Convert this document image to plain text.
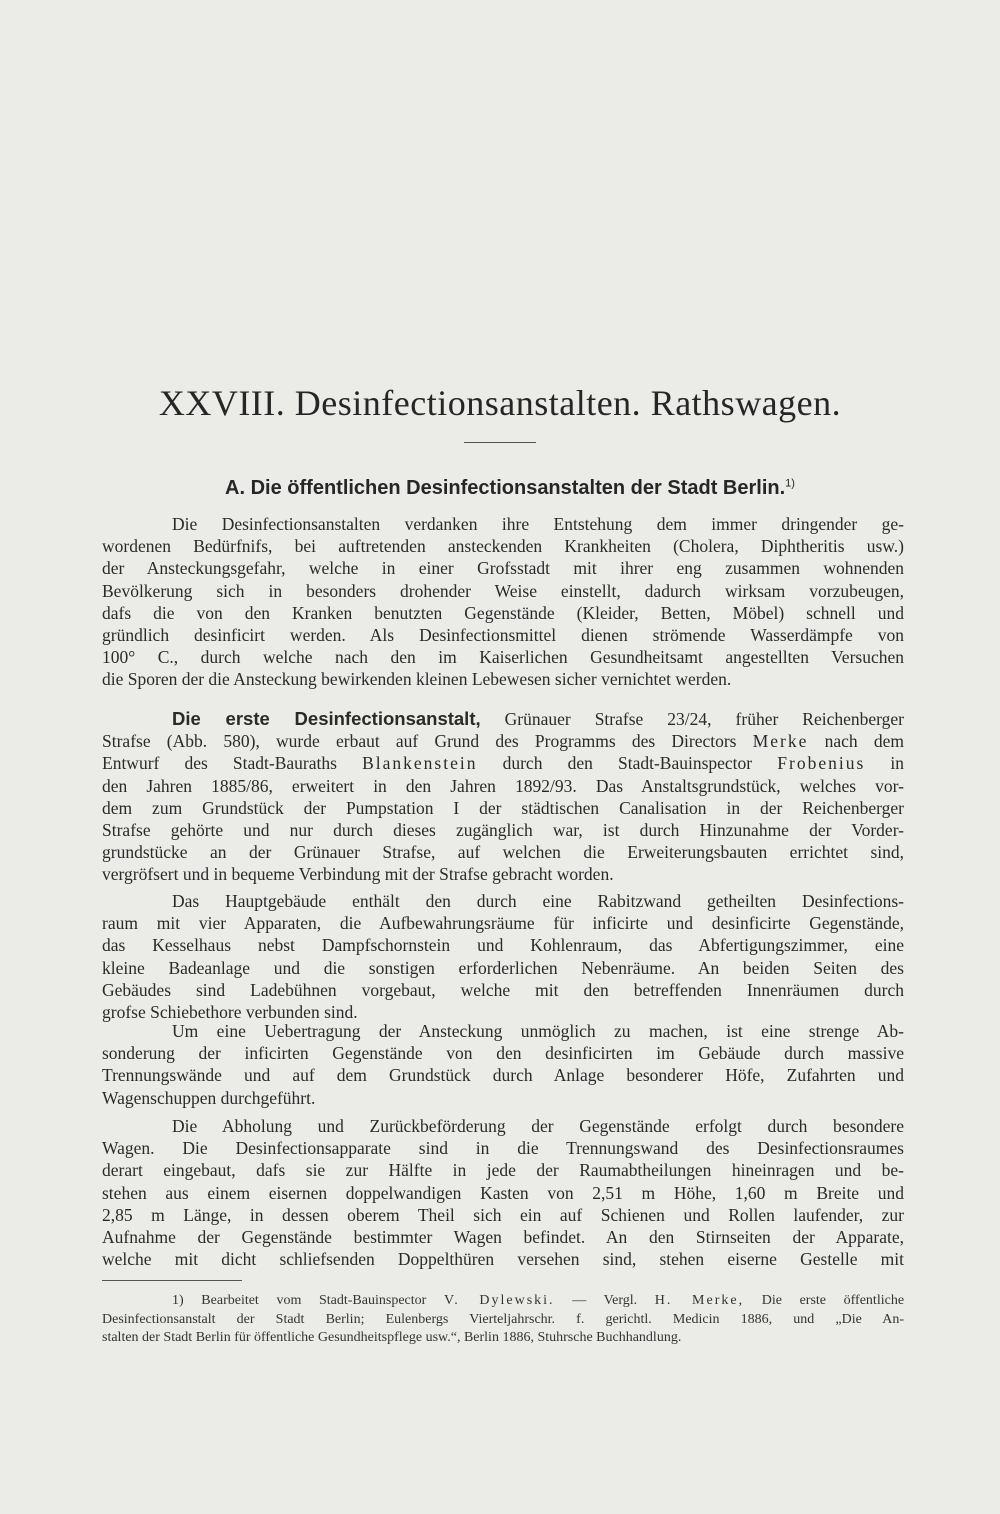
XXVIII. Desinfectionsanstalten. Rathswagen.
A. Die öffentlichen Desinfectionsanstalten der Stadt Berlin.$^{1)}$

Die Desinfectionsanstalten verdanken ihre Entstehung dem immer dringender ge-
wordenen Bedürfnifs, bei auftretenden ansteckenden Krankheiten (Cholera, Diphtheritis usw.)
der Ansteckungsgefahr, welche in einer Grofsstadt mit ihrer eng zusammen wohnenden
Bevölkerung sich in besonders drohender Weise einstellt, dadurch wirksam vorzubeugen,
dafs die von den Kranken benutzten Gegenstände (Kleider, Betten, Möbel) schnell und
gründlich desinficirt werden. Als Desinfectionsmittel dienen strömende Wasserdämpfe von
100° C., durch welche nach den im Kaiserlichen Gesundheitsamt angestellten Versuchen
die Sporen der die Ansteckung bewirkenden kleinen Lebewesen sicher vernichtet werden.

Die erste Desinfectionsanstalt, Grünauer Strafse 23/24, früher Reichenberger
Strafse (Abb. 580), wurde erbaut auf Grund des Programms des Directors Merke nach dem
Entwurf des Stadt-Bauraths Blankenstein durch den Stadt-Bauinspector Frobenius in
den Jahren 1885/86, erweitert in den Jahren 1892/93. Das Anstaltsgrundstück, welches vor-
dem zum Grundstück der Pumpstation I der städtischen Canalisation in der Reichenberger
Strafse gehörte und nur durch dieses zugänglich war, ist durch Hinzunahme der Vorder-
grundstücke an der Grünauer Strafse, auf welchen die Erweiterungsbauten errichtet sind,
vergröfsert und in bequeme Verbindung mit der Strafse gebracht worden.

Das Hauptgebäude enthält den durch eine Rabitzwand getheilten Desinfections-
raum mit vier Apparaten, die Aufbewahrungsräume für inficirte und desinficirte Gegenstände,
das Kesselhaus nebst Dampfschornstein und Kohlenraum, das Abfertigungszimmer, eine
kleine Badeanlage und die sonstigen erforderlichen Nebenräume. An beiden Seiten des
Gebäudes sind Ladebühnen vorgebaut, welche mit den betreffenden Innenräumen durch
grofse Schiebethore verbunden sind.

Um eine Uebertragung der Ansteckung unmöglich zu machen, ist eine strenge Ab-
sonderung der inficirten Gegenstände von den desinficirten im Gebäude durch massive
Trennungswände und auf dem Grundstück durch Anlage besonderer Höfe, Zufahrten und
Wagenschuppen durchgeführt.

Die Abholung und Zurückbeförderung der Gegenstände erfolgt durch besondere
Wagen. Die Desinfectionsapparate sind in die Trennungswand des Desinfectionsraumes
derart eingebaut, dafs sie zur Hälfte in jede der Raumabtheilungen hineinragen und be-
stehen aus einem eisernen doppelwandigen Kasten von 2,51 m Höhe, 1,60 m Breite und
2,85 m Länge, in dessen oberem Theil sich ein auf Schienen und Rollen laufender, zur
Aufnahme der Gegenstände bestimmter Wagen befindet. An den Stirnseiten der Apparate,
welche mit dicht schliefsenden Doppelthüren versehen sind, stehen eiserne Gestelle mit

1) Bearbeitet vom Stadt-Bauinspector V. Dylewski. — Vergl. H. Merke, Die erste öffentliche
Desinfectionsanstalt der Stadt Berlin; Eulenbergs Vierteljahrschr. f. gerichtl. Medicin 1886, und „Die An-
stalten der Stadt Berlin für öffentliche Gesundheitspflege usw.“, Berlin 1886, Stuhrsche Buchhandlung.
